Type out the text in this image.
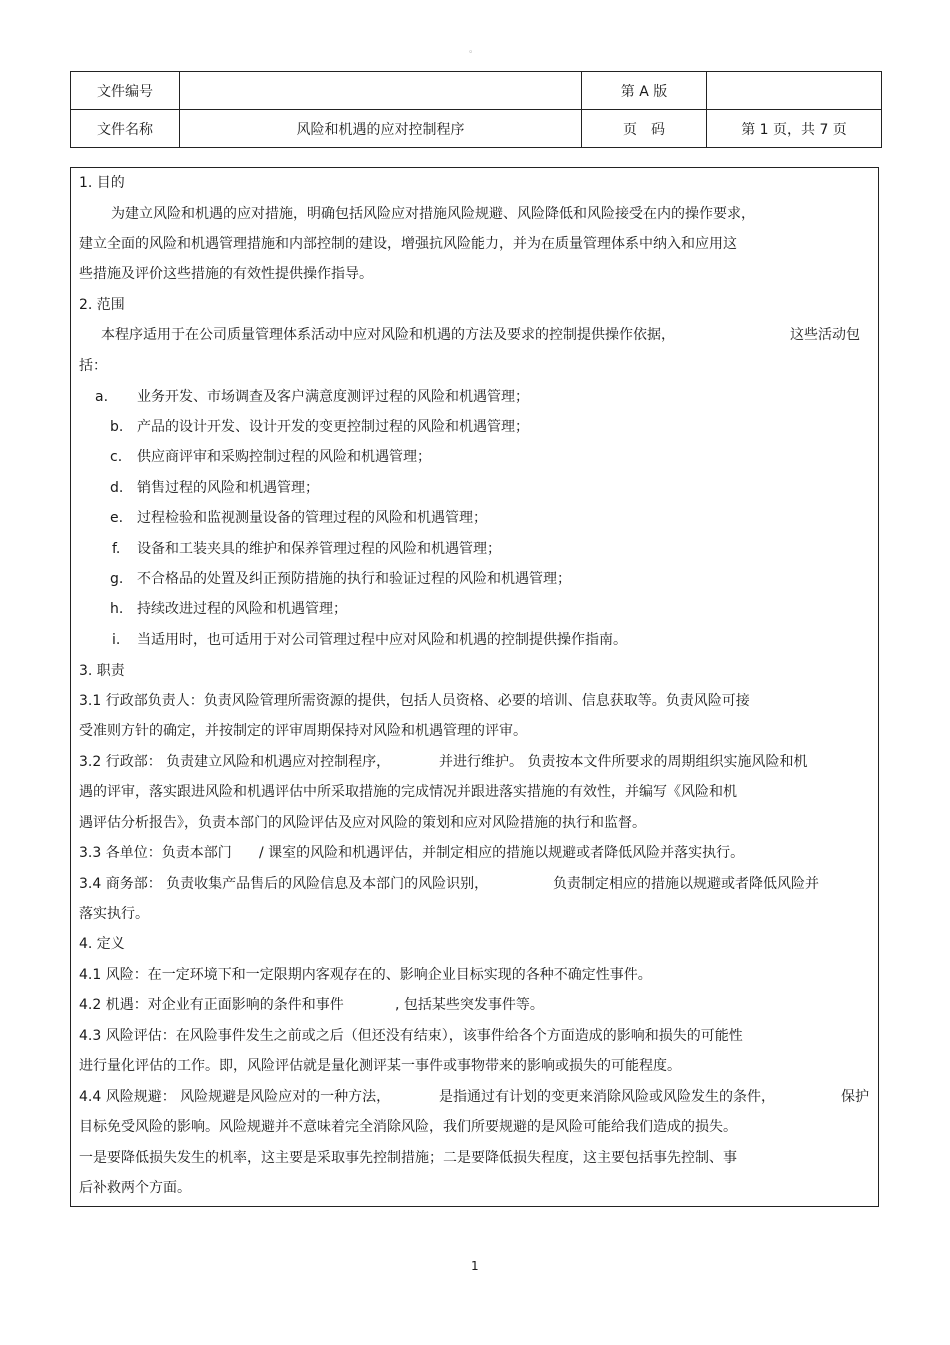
。
文件编号		第 A 版	
文件名称	风险和机遇的应对控制程序	页　码	第 1 页，共 7 页
1. 目的
为建立风险和机遇的应对措施，明确包括风险应对措施风险规避、风险降低和风险接受在内的操作要求，
建立全面的风险和机遇管理措施和内部控制的建设，增强抗风险能力，并为在质量管理体系中纳入和应用这
些措施及评价这些措施的有效性提供操作指导。
2. 范围
本程序适用于在公司质量管理体系活动中应对风险和机遇的方法及要求的控制提供操作依据，	这些活动包
括：
a. 业务开发、市场调查及客户满意度测评过程的风险和机遇管理；
b. 产品的设计开发、设计开发的变更控制过程的风险和机遇管理；
c. 供应商评审和采购控制过程的风险和机遇管理；
d. 销售过程的风险和机遇管理；
e. 过程检验和监视测量设备的管理过程的风险和机遇管理；
f. 设备和工装夹具的维护和保养管理过程的风险和机遇管理；
g. 不合格品的处置及纠正预防措施的执行和验证过程的风险和机遇管理；
h. 持续改进过程的风险和机遇管理；
i. 当适用时，也可适用于对公司管理过程中应对风险和机遇的控制提供操作指南。
3. 职责
3.1 行政部负责人：负责风险管理所需资源的提供，包括人员资格、必要的培训、信息获取等。负责风险可接
受准则方针的确定，并按制定的评审周期保持对风险和机遇管理的评审。
3.2 行政部： 负责建立风险和机遇应对控制程序，	并进行维护。 负责按本文件所要求的周期组织实施风险和机
遇的评审，落实跟进风险和机遇评估中所采取措施的完成情况并跟进落实措施的有效性，并编写《风险和机
遇评估分析报告》，负责本部门的风险评估及应对风险的策划和应对风险措施的执行和监督。
3.3 各单位：负责本部门 / 课室的风险和机遇评估，并制定相应的措施以规避或者降低风险并落实执行。
3.4 商务部： 负责收集产品售后的风险信息及本部门的风险识别，	负责制定相应的措施以规避或者降低风险并
落实执行。
4. 定义
4.1 风险：在一定环境下和一定限期内客观存在的、影响企业目标实现的各种不确定性事件。
4.2 机遇：对企业有正面影响的条件和事件	, 包括某些突发事件等。
4.3 风险评估：在风险事件发生之前或之后（但还没有结束），该事件给各个方面造成的影响和损失的可能性
进行量化评估的工作。即，风险评估就是量化测评某一事件或事物带来的影响或损失的可能程度。
4.4 风险规避： 风险规避是风险应对的一种方法，	是指通过有计划的变更来消除风险或风险发生的条件，	保护
目标免受风险的影响。风险规避并不意味着完全消除风险，我们所要规避的是风险可能给我们造成的损失。
一是要降低损失发生的机率，这主要是采取事先控制措施；二是要降低损失程度，这主要包括事先控制、事
后补救两个方面。
1
